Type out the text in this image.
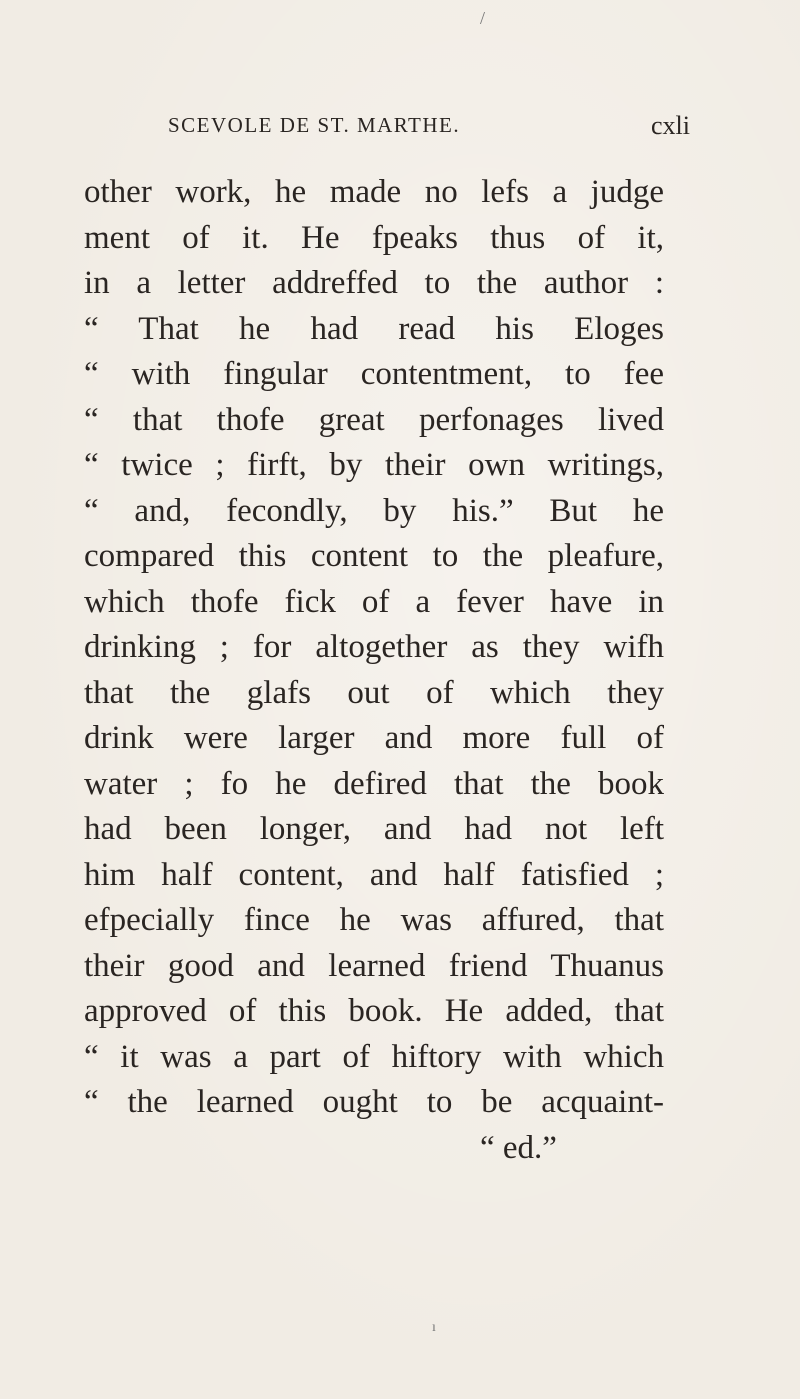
SCEVOLE DE ST. MARTHE.	cxli
other work, he made no lefs a judge
ment of it. He fpeaks thus of it,
in a letter addreffed to the author :
“ That he had read his Eloges
“ with fingular contentment, to fee
“ that thofe great perfonages lived
“ twice ; firft, by their own writings,
“ and, fecondly, by his.” But he
compared this content to the pleafure,
which thofe fick of a fever have in
drinking ; for altogether as they wifh
that the glafs out of which they
drink were larger and more full of
water ; fo he defired that the book
had been longer, and had not left
him half content, and half fatisfied ;
efpecially fince he was affured, that
their good and learned friend Thuanus
approved of this book. He added, that
“ it was a part of hiftory with which
“ the learned ought to be acquaint-
“ ed.”
/
ı
